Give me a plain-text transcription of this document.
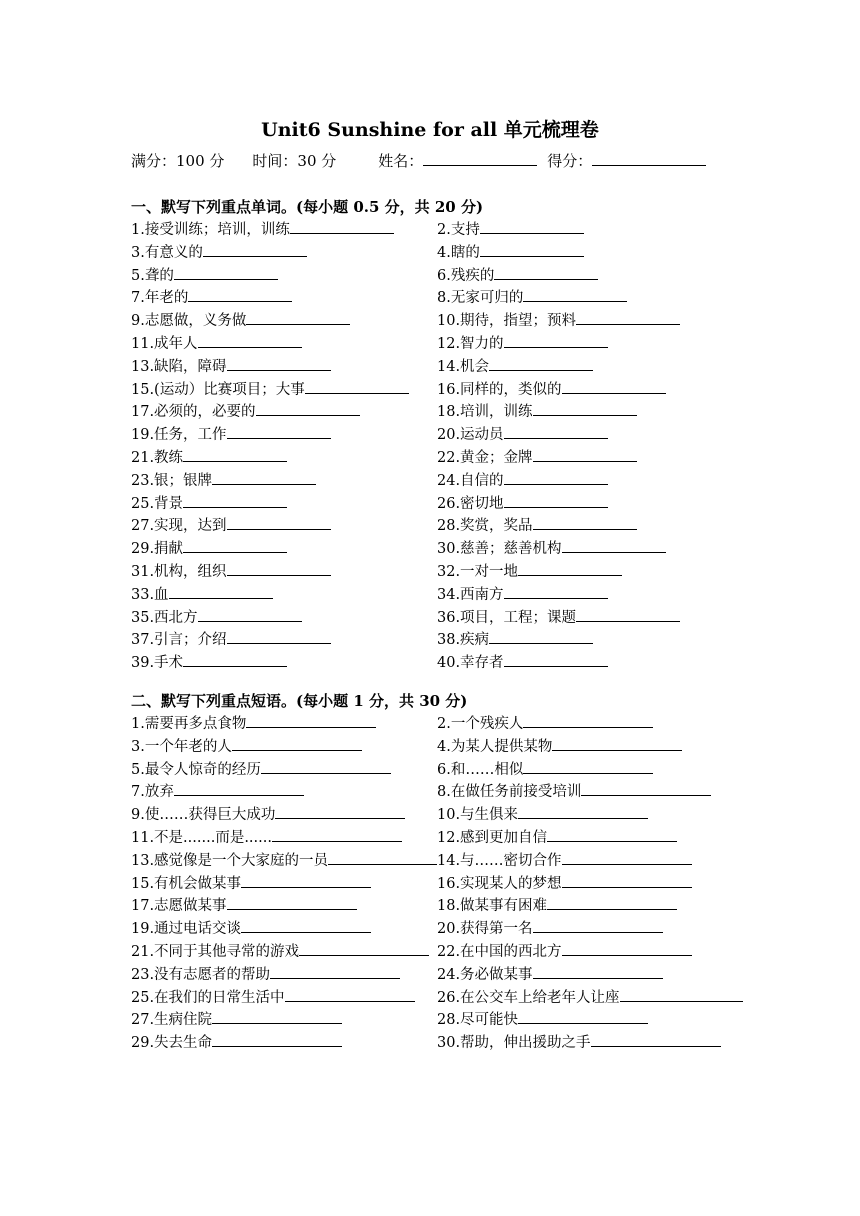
Unit6 Sunshine for all 单元梳理卷
满分：100 分 时间：30 分	姓名：	得分：
一、默写下列重点单词。(每小题 0.5 分，共 20 分)
1.接受训练；培训，训练	2.支持
3.有意义的	4.瞎的
5.聋的	6.残疾的
7.年老的	8.无家可归的
9.志愿做，义务做	10.期待，指望；预料
11.成年人	12.智力的
13.缺陷，障碍	14.机会
15.(运动）比赛项目；大事	16.同样的，类似的
17.必须的，必要的	18.培训，训练
19.任务，工作	20.运动员
21.教练	22.黄金；金牌
23.银；银牌	24.自信的
25.背景	26.密切地
27.实现，达到	28.奖赏，奖品
29.捐献	30.慈善；慈善机构
31.机构，组织	32.一对一地
33.血	34.西南方
35.西北方	36.项目，工程；课题
37.引言；介绍	38.疾病
39.手术	40.幸存者
二、默写下列重点短语。(每小题 1 分，共 30 分)
1.需要再多点食物	2.一个残疾人
3.一个年老的人	4.为某人提供某物
5.最令人惊奇的经历	6.和……相似
7.放弃	8.在做任务前接受培训
9.使……获得巨大成功	10.与生俱来
11.不是.......而是......	12.感到更加自信
13.感觉像是一个大家庭的一员	14.与……密切合作
15.有机会做某事	16.实现某人的梦想
17.志愿做某事	18.做某事有困难
19.通过电话交谈	20.获得第一名
21.不同于其他寻常的游戏	22.在中国的西北方
23.没有志愿者的帮助	24.务必做某事
25.在我们的日常生活中	26.在公交车上给老年人让座
27.生病住院	28.尽可能快
29.失去生命	30.帮助，伸出援助之手
